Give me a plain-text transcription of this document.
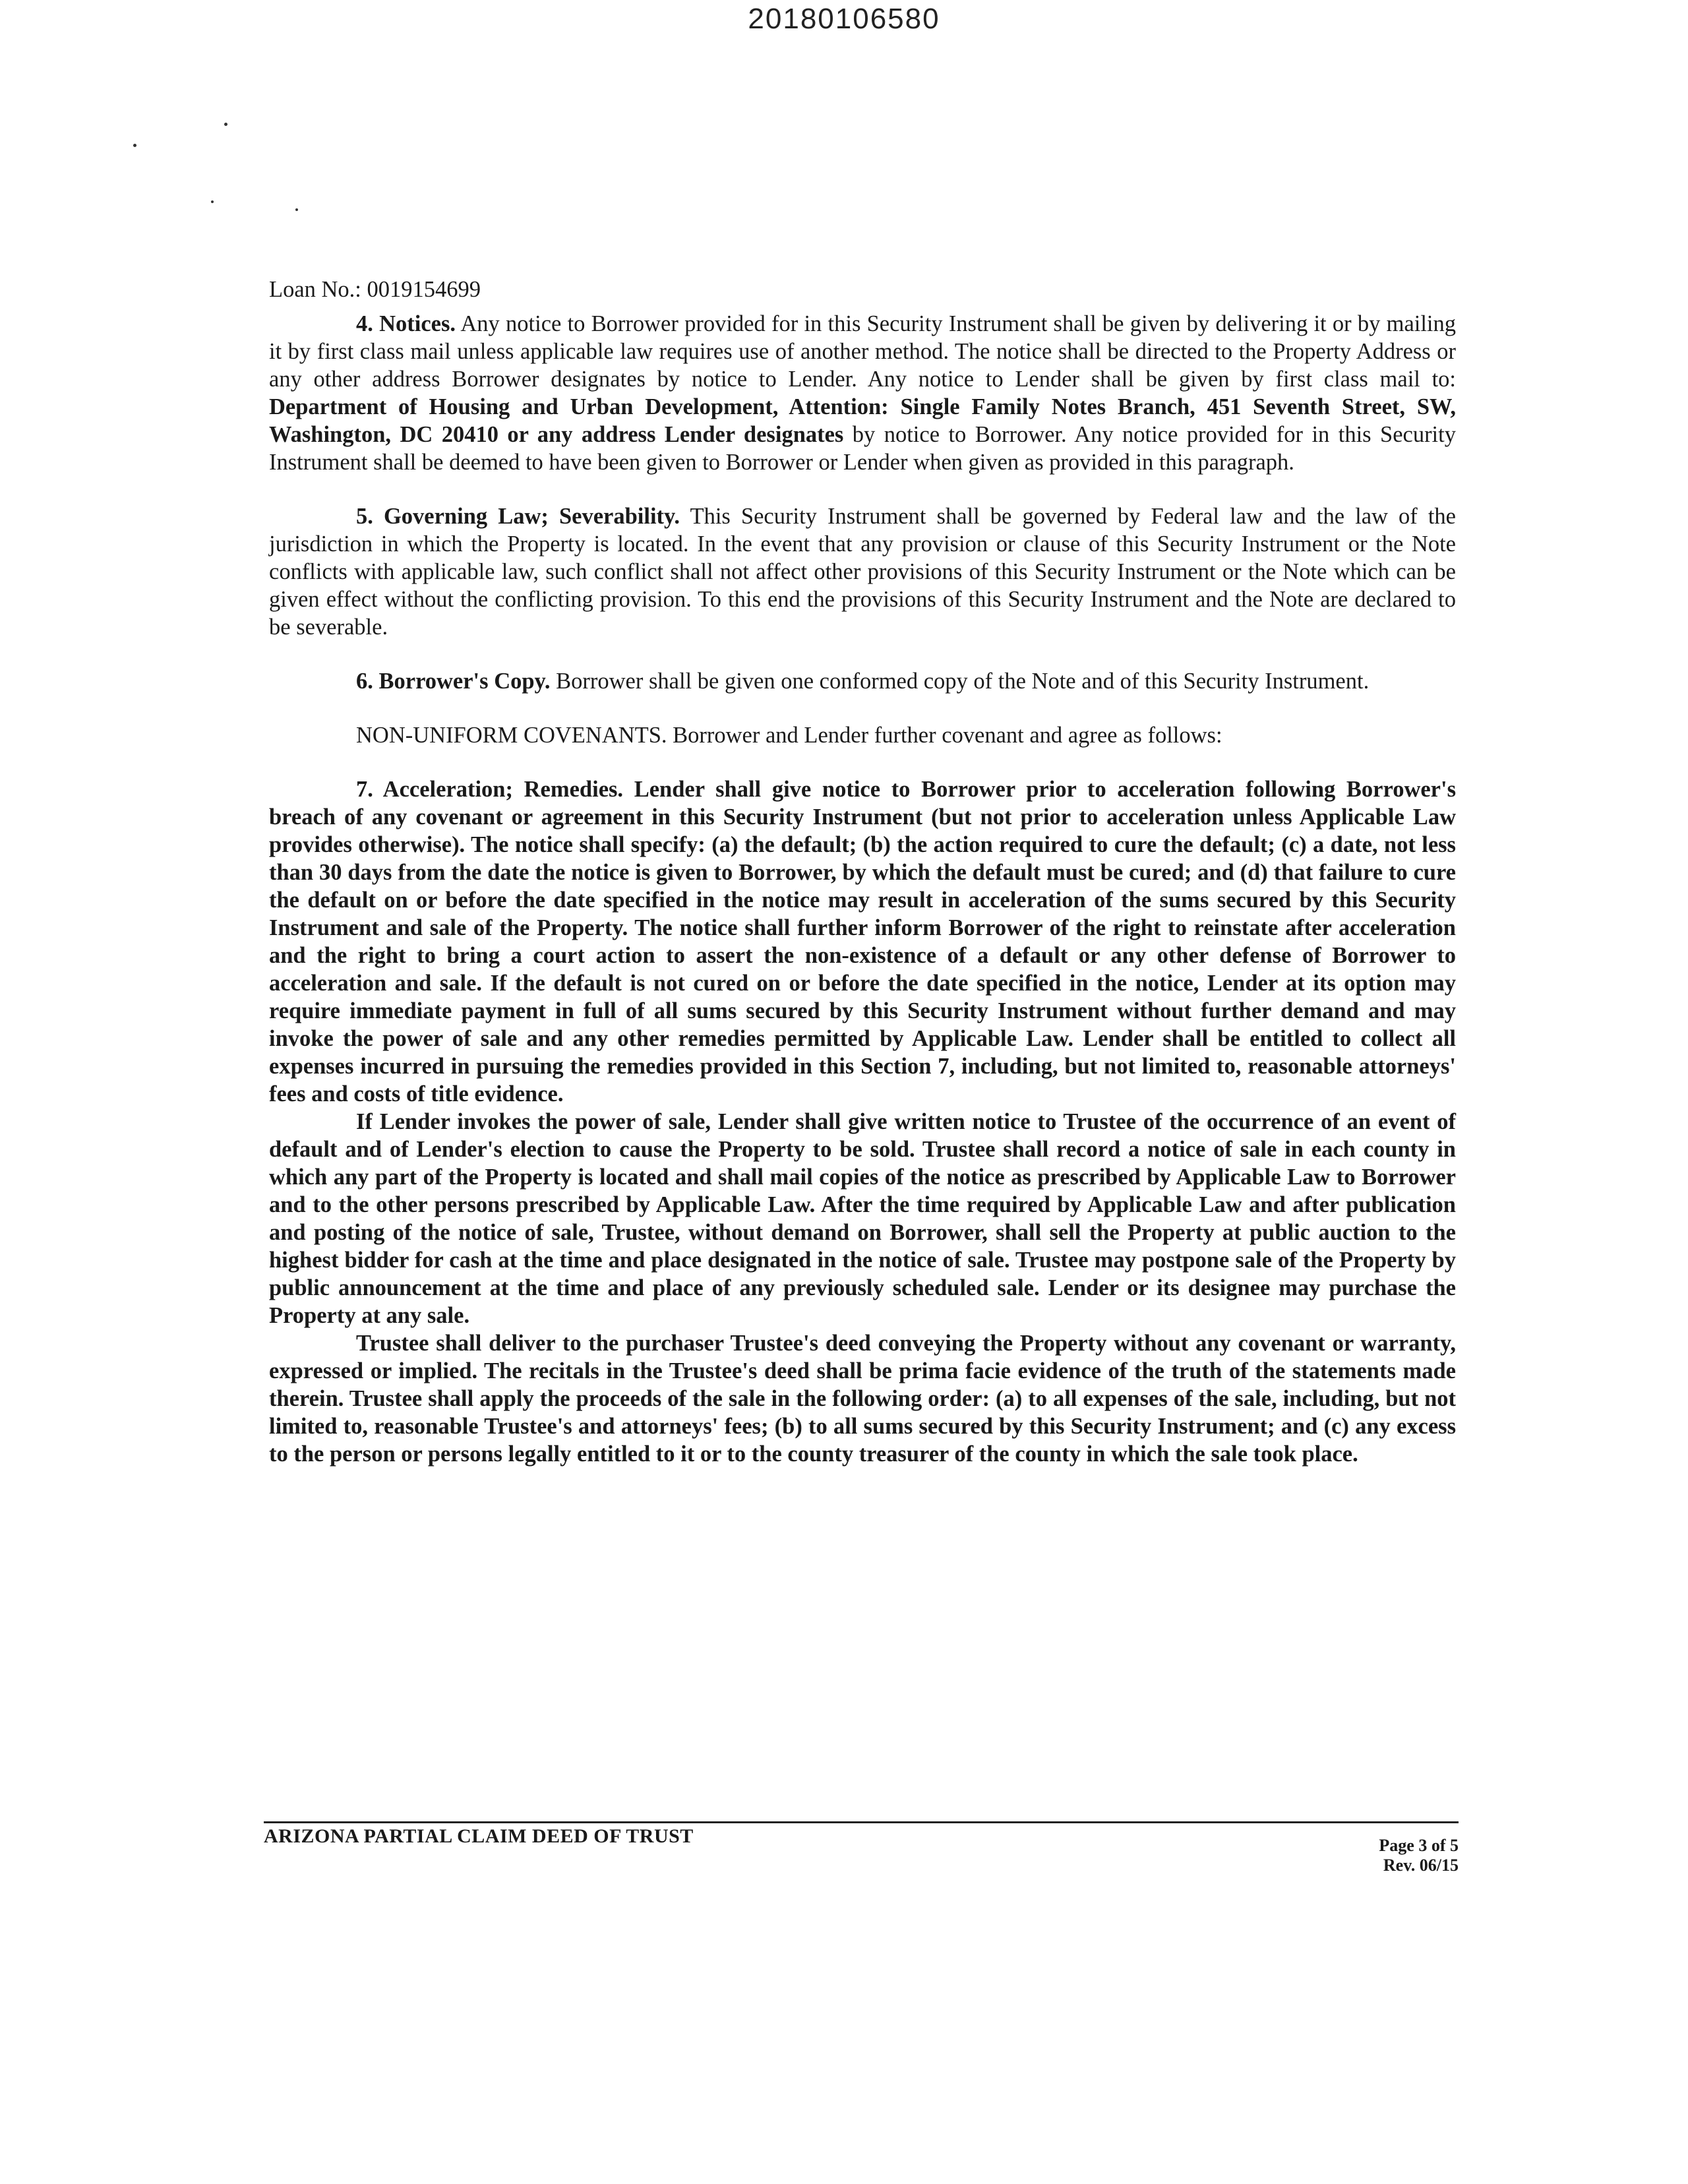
20180106580

Loan No.: 0019154699

4. Notices. Any notice to Borrower provided for in this Security Instrument shall be given by delivering it or by mailing it by first class mail unless applicable law requires use of another method. The notice shall be directed to the Property Address or any other address Borrower designates by notice to Lender. Any notice to Lender shall be given by first class mail to: Department of Housing and Urban Development, Attention: Single Family Notes Branch, 451 Seventh Street, SW, Washington, DC 20410 or any address Lender designates by notice to Borrower. Any notice provided for in this Security Instrument shall be deemed to have been given to Borrower or Lender when given as provided in this paragraph.

5. Governing Law; Severability. This Security Instrument shall be governed by Federal law and the law of the jurisdiction in which the Property is located. In the event that any provision or clause of this Security Instrument or the Note conflicts with applicable law, such conflict shall not affect other provisions of this Security Instrument or the Note which can be given effect without the conflicting provision. To this end the provisions of this Security Instrument and the Note are declared to be severable.

6. Borrower's Copy. Borrower shall be given one conformed copy of the Note and of this Security Instrument.

NON-UNIFORM COVENANTS. Borrower and Lender further covenant and agree as follows:

7. Acceleration; Remedies. Lender shall give notice to Borrower prior to acceleration following Borrower's breach of any covenant or agreement in this Security Instrument (but not prior to acceleration unless Applicable Law provides otherwise). The notice shall specify: (a) the default; (b) the action required to cure the default; (c) a date, not less than 30 days from the date the notice is given to Borrower, by which the default must be cured; and (d) that failure to cure the default on or before the date specified in the notice may result in acceleration of the sums secured by this Security Instrument and sale of the Property. The notice shall further inform Borrower of the right to reinstate after acceleration and the right to bring a court action to assert the non-existence of a default or any other defense of Borrower to acceleration and sale. If the default is not cured on or before the date specified in the notice, Lender at its option may require immediate payment in full of all sums secured by this Security Instrument without further demand and may invoke the power of sale and any other remedies permitted by Applicable Law. Lender shall be entitled to collect all expenses incurred in pursuing the remedies provided in this Section 7, including, but not limited to, reasonable attorneys' fees and costs of title evidence.

If Lender invokes the power of sale, Lender shall give written notice to Trustee of the occurrence of an event of default and of Lender's election to cause the Property to be sold. Trustee shall record a notice of sale in each county in which any part of the Property is located and shall mail copies of the notice as prescribed by Applicable Law to Borrower and to the other persons prescribed by Applicable Law. After the time required by Applicable Law and after publication and posting of the notice of sale, Trustee, without demand on Borrower, shall sell the Property at public auction to the highest bidder for cash at the time and place designated in the notice of sale. Trustee may postpone sale of the Property by public announcement at the time and place of any previously scheduled sale. Lender or its designee may purchase the Property at any sale.

Trustee shall deliver to the purchaser Trustee's deed conveying the Property without any covenant or warranty, expressed or implied. The recitals in the Trustee's deed shall be prima facie evidence of the truth of the statements made therein. Trustee shall apply the proceeds of the sale in the following order: (a) to all expenses of the sale, including, but not limited to, reasonable Trustee's and attorneys' fees; (b) to all sums secured by this Security Instrument; and (c) any excess to the person or persons legally entitled to it or to the county treasurer of the county in which the sale took place.

ARIZONA PARTIAL CLAIM DEED OF TRUST	Page 3 of 5
Rev. 06/15
